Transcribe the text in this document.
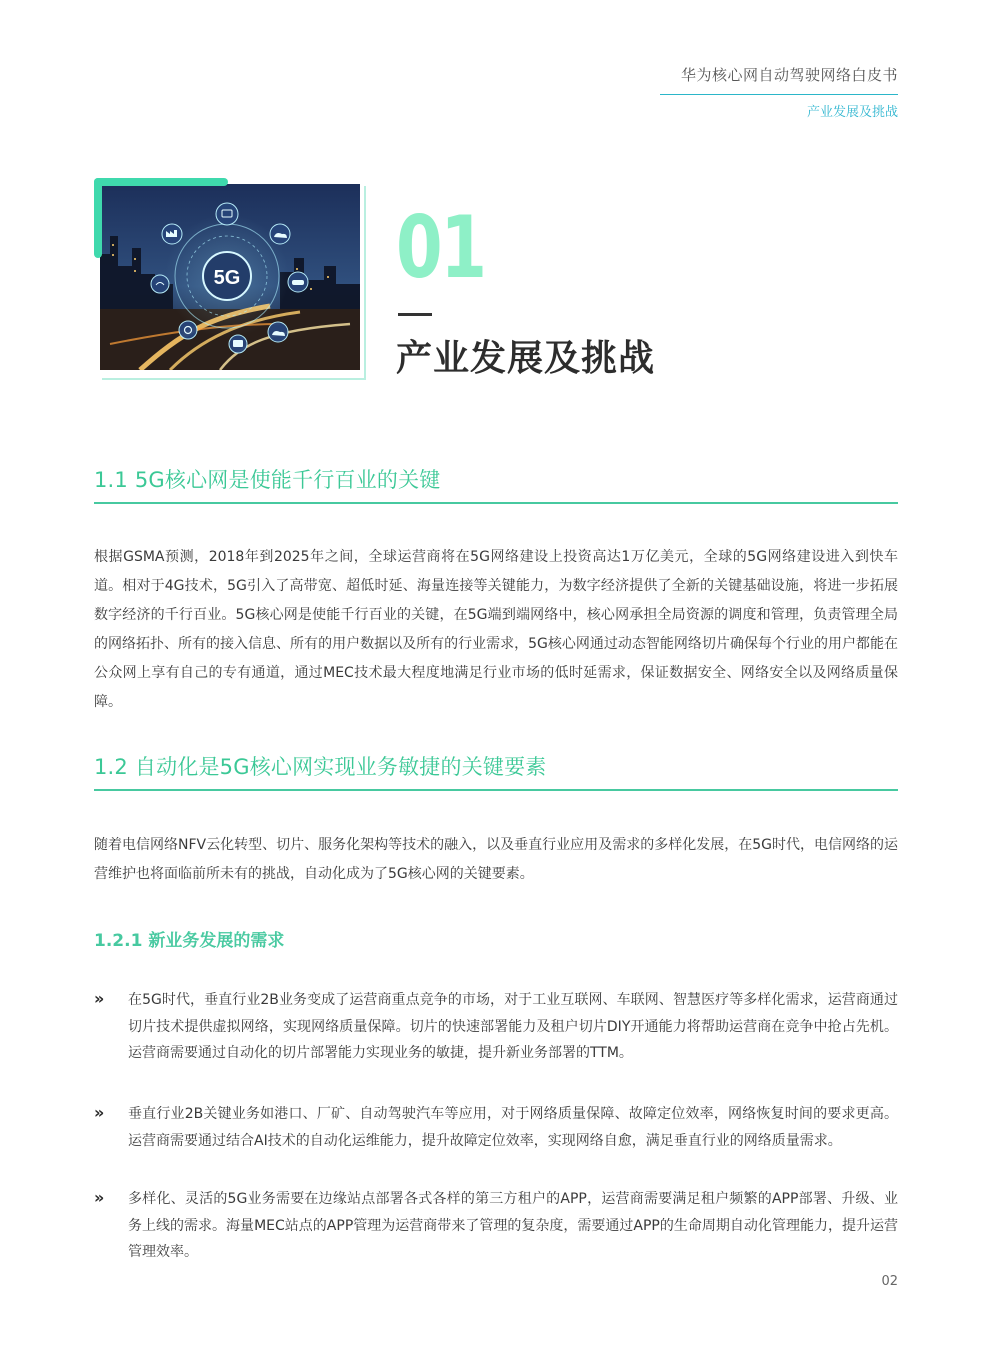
华为核心网自动驾驶网络白皮书
产业发展及挑战
5G 01
产业发展及挑战
1.1 5G核心网是使能千行百业的关键
根据GSMA预测，2018年到2025年之间，全球运营商将在5G网络建设上投资高达1万亿美元，全球的5G网络建设进入到快车道。相对于4G技术，5G引入了高带宽、超低时延、海量连接等关键能力，为数字经济提供了全新的关键基础设施，将进一步拓展数字经济的千行百业。5G核心网是使能千行百业的关键，在5G端到端网络中，核心网承担全局资源的调度和管理，负责管理全局的网络拓扑、所有的接入信息、所有的用户数据以及所有的行业需求，5G核心网通过动态智能网络切片确保每个行业的用户都能在公众网上享有自己的专有通道，通过MEC技术最大程度地满足行业市场的低时延需求，保证数据安全、网络安全以及网络质量保障。
1.2 自动化是5G核心网实现业务敏捷的关键要素
随着电信网络NFV云化转型、切片、服务化架构等技术的融入，以及垂直行业应用及需求的多样化发展，在5G时代，电信网络的运营维护也将面临前所未有的挑战，自动化成为了5G核心网的关键要素。
1.2.1 新业务发展的需求
» 在5G时代，垂直行业2B业务变成了运营商重点竞争的市场，对于工业互联网、车联网、智慧医疗等多样化需求，运营商通过切片技术提供虚拟网络，实现网络质量保障。切片的快速部署能力及租户切片DIY开通能力将帮助运营商在竞争中抢占先机。运营商需要通过自动化的切片部署能力实现业务的敏捷，提升新业务部署的TTM。
» 垂直行业2B关键业务如港口、厂矿、自动驾驶汽车等应用，对于网络质量保障、故障定位效率，网络恢复时间的要求更高。运营商需要通过结合AI技术的自动化运维能力，提升故障定位效率，实现网络自愈，满足垂直行业的网络质量需求。
» 多样化、灵活的5G业务需要在边缘站点部署各式各样的第三方租户的APP，运营商需要满足租户频繁的APP部署、升级、业务上线的需求。海量MEC站点的APP管理为运营商带来了管理的复杂度，需要通过APP的生命周期自动化管理能力，提升运营管理效率。
02
